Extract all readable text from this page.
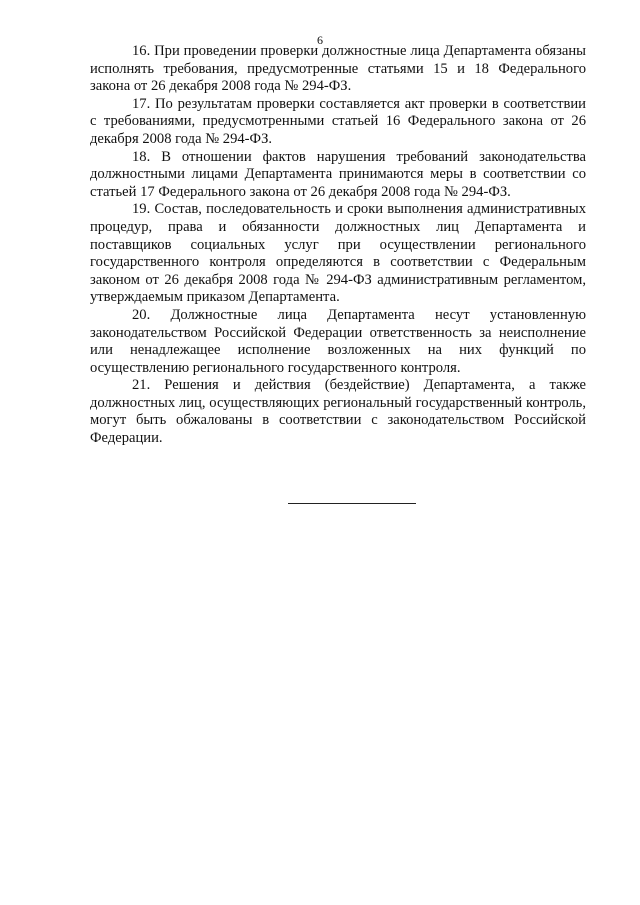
6

16. При проведении проверки должностные лица Департамента обязаны исполнять требования, предусмотренные статьями 15 и 18 Федерального закона от 26 декабря 2008 года № 294-ФЗ.

17. По результатам проверки составляется акт проверки в соответствии с требованиями, предусмотренными статьей 16 Федерального закона от 26 декабря 2008 года № 294-ФЗ.

18. В отношении фактов нарушения требований законодательства должностными лицами Департамента принимаются меры в соответствии со статьей 17 Федерального закона от 26 декабря 2008 года № 294-ФЗ.

19. Состав, последовательность и сроки выполнения административных процедур, права и обязанности должностных лиц Департамента и поставщиков социальных услуг при осуществлении регионального государственного контроля определяются в соответствии с Федеральным законом от 26 декабря 2008 года № 294-ФЗ административным регламентом, утверждаемым приказом Департамента.

20. Должностные лица Департамента несут установленную законодательством Российской Федерации ответственность за неисполнение или ненадлежащее исполнение возложенных на них функций по осуществлению регионального государственного контроля.

21. Решения и действия (бездействие) Департамента, а также должностных лиц, осуществляющих региональный государственный контроль, могут быть обжалованы в соответствии с законодательством Российской Федерации.
